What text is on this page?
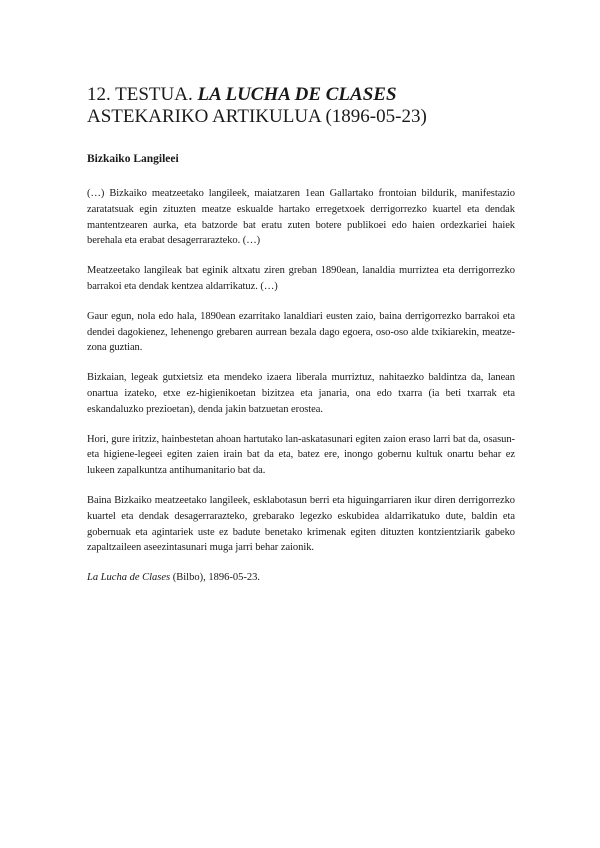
12. TESTUA. LA LUCHA DE CLASES ASTEKARIKO ARTIKULUA (1896-05-23)

Bizkaiko Langileei

(…) Bizkaiko meatzeetako langileek, maiatzaren 1ean Gallartako frontoian bildurik, manifestazio zaratatsuak egin zituzten meatze eskualde hartako erregetxoek derrigorrezko kuartel eta dendak mantentzearen aurka, eta batzorde bat eratu zuten botere publikoei edo haien ordezkariei haiek berehala eta erabat desagerrarazteko. (…)

Meatzeetako langileak bat eginik altxatu ziren greban 1890ean, lanaldia murriztea eta derrigorrezko barrakoi eta dendak kentzea aldarrikatuz. (…)

Gaur egun, nola edo hala, 1890ean ezarritako lanaldiari eusten zaio, baina derrigorrezko barrakoi eta dendei dagokienez, lehenengo grebaren aurrean bezala dago egoera, oso-oso alde txikiarekin, meatze-zona guztian.

Bizkaian, legeak gutxietsiz eta mendeko izaera liberala murriztuz, nahitaezko baldintza da, lanean onartua izateko, etxe ez-higienikoetan bizitzea eta janaria, ona edo txarra (ia beti txarrak eta eskandaluzko prezioetan), denda jakin batzuetan erostea.

Hori, gure iritziz, hainbestetan ahoan hartutako lan-askatasunari egiten zaion eraso larri bat da, osasun- eta higiene-legeei egiten zaien irain bat da eta, batez ere, inongo gobernu kultuk onartu behar ez lukeen zapalkuntza antihumanitario bat da.

Baina Bizkaiko meatzeetako langileek, esklabotasun berri eta higuingarriaren ikur diren derrigorrezko kuartel eta dendak desagerrarazteko, grebarako legezko eskubidea aldarrikatuko dute, baldin eta gobernuak eta agintariek uste ez badute benetako krimenak egiten dituzten kontzientziarik gabeko zapaltzaileen aseezintasunari muga jarri behar zaionik.

La Lucha de Clases (Bilbo), 1896-05-23.
